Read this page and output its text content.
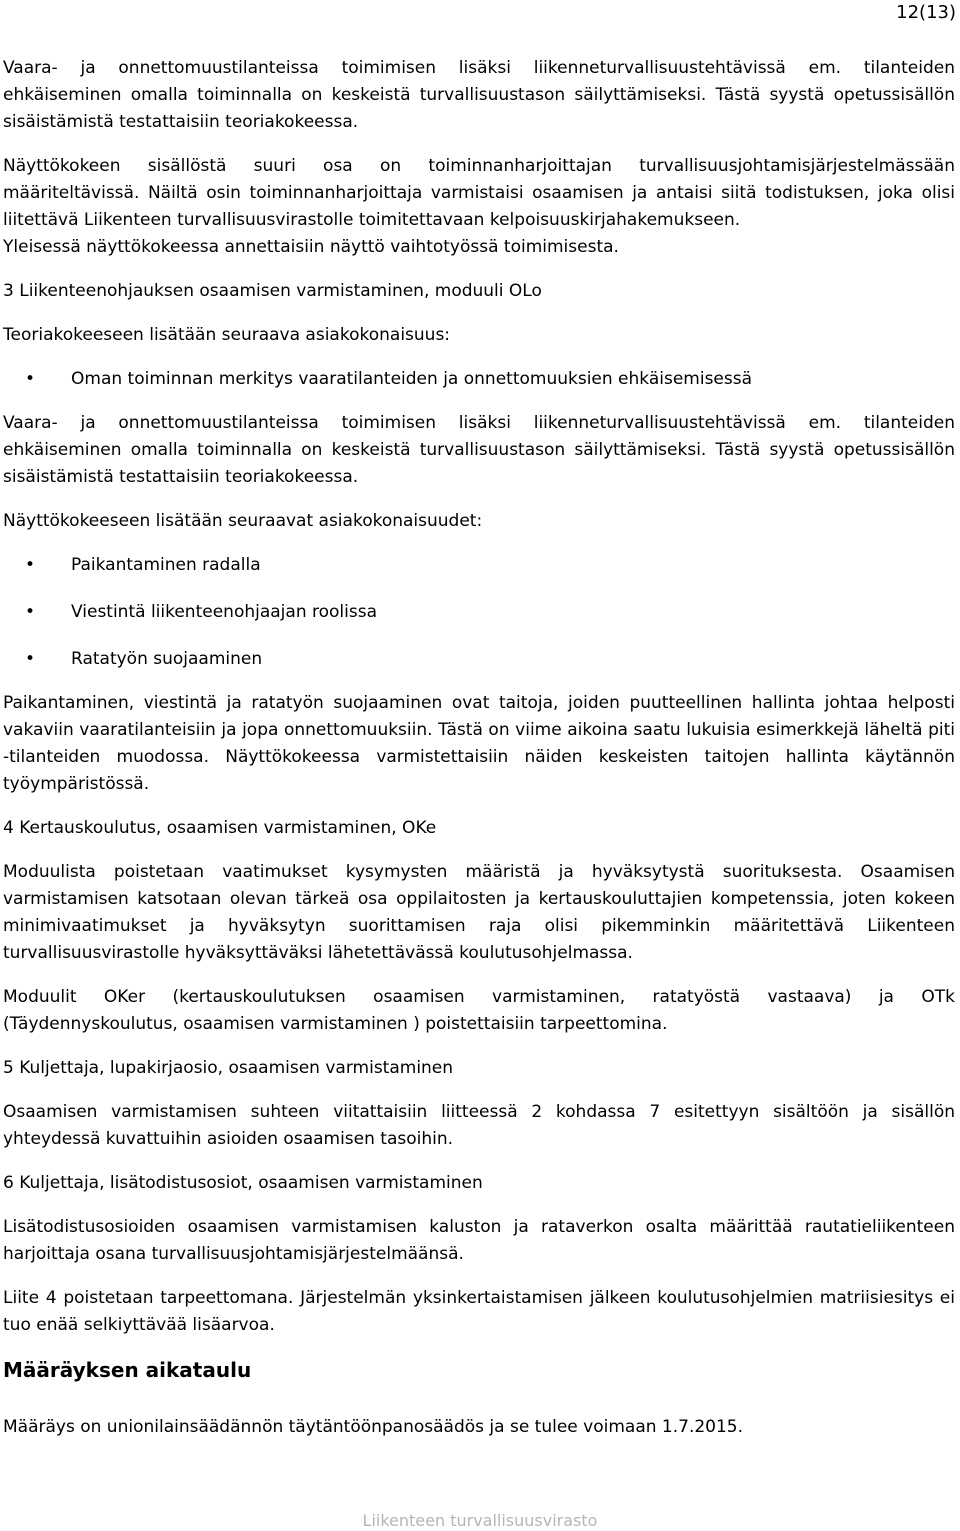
12(13)

Vaara- ja onnettomuustilanteissa toimimisen lisäksi liikenneturvallisuustehtävissä em. tilanteiden ehkäiseminen omalla toiminnalla on keskeistä turvallisuustason säilyttämiseksi. Tästä syystä opetussisällön sisäistämistä testattaisiin teoriakokeessa.

Näyttökokeen sisällöstä suuri osa on toiminnanharjoittajan turvallisuusjohtamisjärjestelmässään määriteltävissä. Näiltä osin toiminnanharjoittaja varmistaisi osaamisen ja antaisi siitä todistuksen, joka olisi liitettävä Liikenteen turvallisuusvirastolle toimitettavaan kelpoisuuskirjahakemukseen.

Yleisessä näyttökokeessa annettaisiin näyttö vaihtotyössä toimimisesta.

3 Liikenteenohjauksen osaamisen varmistaminen, moduuli OLo

Teoriakokeeseen lisätään seuraava asiakokonaisuus:

• Oman toiminnan merkitys vaaratilanteiden ja onnettomuuksien ehkäisemisessä

Vaara- ja onnettomuustilanteissa toimimisen lisäksi liikenneturvallisuustehtävissä em. tilanteiden ehkäiseminen omalla toiminnalla on keskeistä turvallisuustason säilyttämiseksi. Tästä syystä opetussisällön sisäistämistä testattaisiin teoriakokeessa.

Näyttökokeeseen lisätään seuraavat asiakokonaisuudet:

• Paikantaminen radalla
• Viestintä liikenteenohjaajan roolissa
• Ratatyön suojaaminen

Paikantaminen, viestintä ja ratatyön suojaaminen ovat taitoja, joiden puutteellinen hallinta johtaa helposti vakaviin vaaratilanteisiin ja jopa onnettomuuksiin. Tästä on viime aikoina saatu lukuisia esimerkkejä läheltä piti -tilanteiden muodossa. Näyttökokeessa varmistettaisiin näiden keskeisten taitojen hallinta käytännön työympäristössä.

4 Kertauskoulutus, osaamisen varmistaminen, OKe

Moduulista poistetaan vaatimukset kysymysten määristä ja hyväksytystä suorituksesta. Osaamisen varmistamisen katsotaan olevan tärkeä osa oppilaitosten ja kertauskouluttajien kompetenssia, joten kokeen minimivaatimukset ja hyväksytyn suorittamisen raja olisi pikemminkin määritettävä Liikenteen turvallisuusvirastolle hyväksyttäväksi lähetettävässä koulutusohjelmassa.

Moduulit OKer (kertauskoulutuksen osaamisen varmistaminen, ratatyöstä vastaava) ja OTk (Täydennyskoulutus, osaamisen varmistaminen ) poistettaisiin tarpeettomina.

5 Kuljettaja, lupakirjaosio, osaamisen varmistaminen

Osaamisen varmistamisen suhteen viitattaisiin liitteessä 2 kohdassa 7 esitettyyn sisältöön ja sisällön yhteydessä kuvattuihin asioiden osaamisen tasoihin.

6 Kuljettaja, lisätodistusosiot, osaamisen varmistaminen

Lisätodistusosioiden osaamisen varmistamisen kaluston ja rataverkon osalta määrittää rautatieliikenteen harjoittaja osana turvallisuusjohtamisjärjestelmäänsä.

Liite 4 poistetaan tarpeettomana. Järjestelmän yksinkertaistamisen jälkeen koulutusohjelmien matriisiesitys ei tuo enää selkiyttävää lisäarvoa.

Määräyksen aikataulu

Määräys on unionilainsäädännön täytäntöönpanosäädös ja se tulee voimaan 1.7.2015.

Liikenteen turvallisuusvirasto
